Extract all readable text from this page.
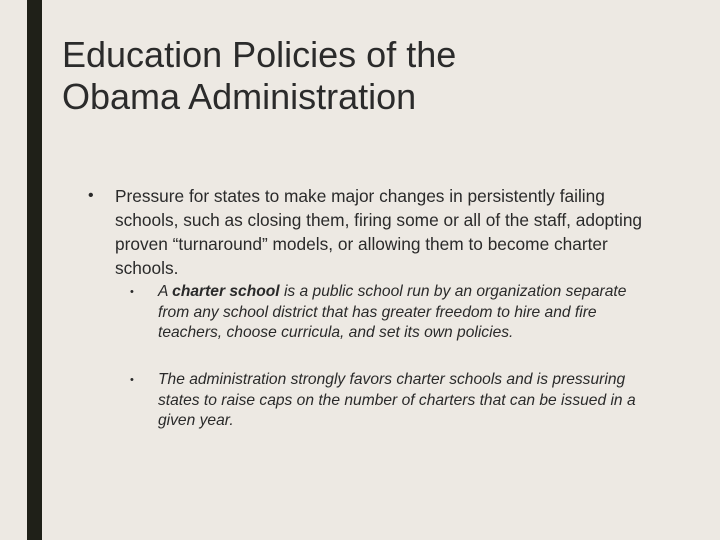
Education Policies of the
Obama Administration
• Pressure for states to make major changes in persistently failing schools, such as closing them, firing some or all of the staff, adopting proven “turnaround” models, or allowing them to become charter schools.
• A charter school is a public school run by an organization separate from any school district that has greater freedom to hire and fire teachers, choose curricula, and set its own policies.
• The administration strongly favors charter schools and is pressuring states to raise caps on the number of charters that can be issued in a given year.
